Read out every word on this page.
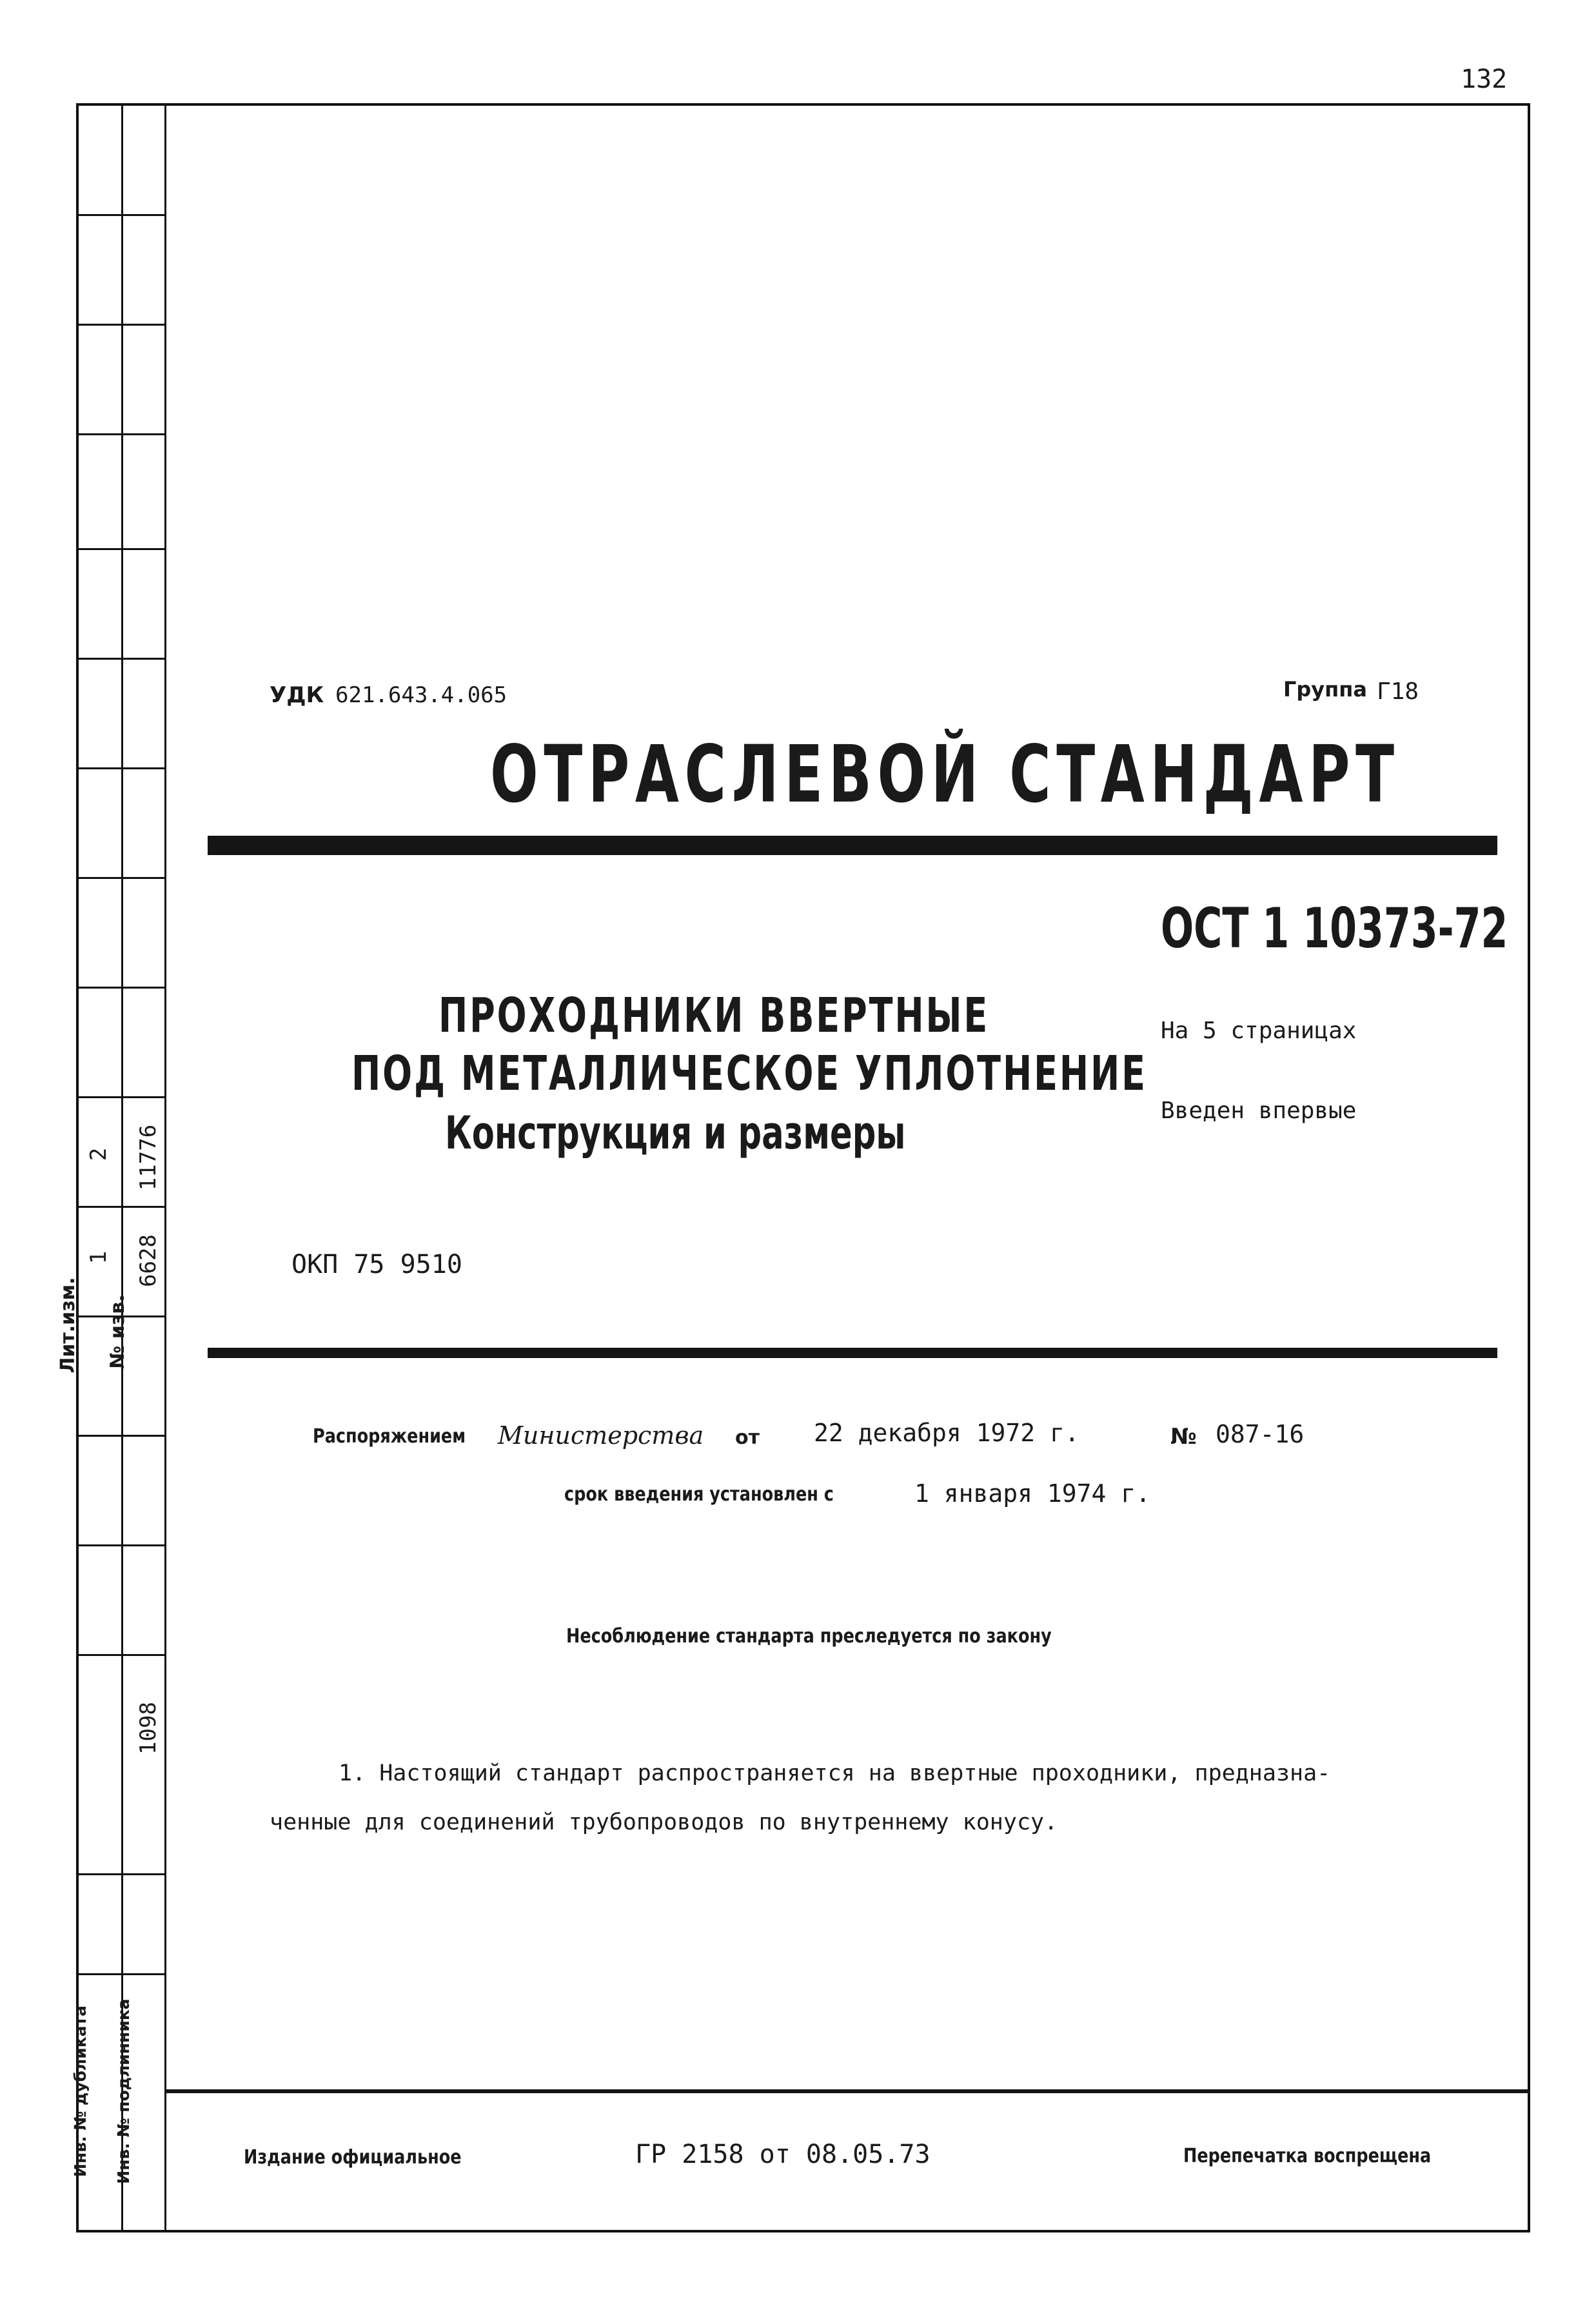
132
1
2
6628
11776
Лит.изм. № изв.
1098
Инв. № дубликата Инв. № подлинника
УДК 621.643.4.065	Группа Г18
ОТРАСЛЕВОЙ СТАНДАРТ
ОСТ 1 10373-72
ПРОХОДНИКИ ВВЕРТНЫЕ
ПОД МЕТАЛЛИЧЕСКОЕ УПЛОТНЕНИЕ
Конструкция и размеры
На 5 страницах
Введен впервые
ОКП 75 9510
Распоряжением Министерства от 22 декабря 1972 г.	№ 087-16
срок введения установлен с	1 января 1974 г.
Несоблюдение стандарта преследуется по закону
1. Настоящий стандарт распространяется на ввертные проходники, предназна-
ченные для соединений трубопроводов по внутреннему конусу.
Издание официальное	ГР 2158 от 08.05.73	Перепечатка воспрещена
